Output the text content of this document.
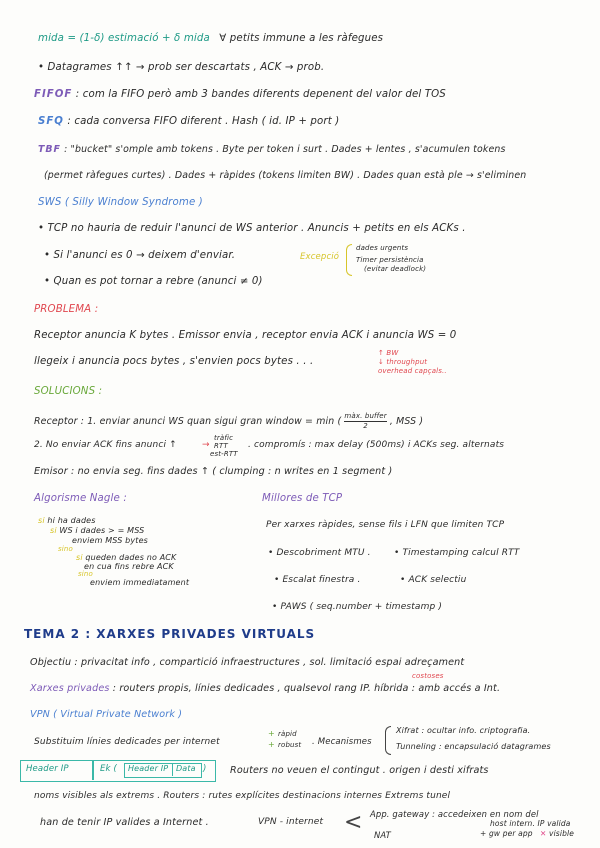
mida = (1-δ) estimació + δ mida ∀ petits immune a les ràfegues
• Datagrames ↑↑ → prob ser descartats , ACK → prob.
FIFOF : com la FIFO però amb 3 bandes diferents depenent del valor del TOS
SFQ : cada conversa FIFO diferent . Hash ( id. IP + port )
TBF : "bucket" s'omple amb tokens . Byte per token i surt . Dades + lentes , s'acumulen tokens
(permet ràfegues curtes) . Dades + ràpides (tokens limiten BW) . Dades quan està ple → s'eliminen
SWS ( Silly Window Syndrome )
• TCP no hauria de reduir l'anunci de WS anterior . Anuncis + petits en els ACKs .
• Si l'anunci es 0 → deixem d'enviar.	Excepció
dades urgents
Timer persistència
(evitar deadlock)
• Quan es pot tornar a rebre (anunci ≠ 0)
PROBLEMA :
Receptor anuncia K bytes . Emissor envia , receptor envia ACK i anuncia WS = 0
llegeix i anuncia pocs bytes , s'envien pocs bytes . . .
↑ BW
↓ throughput
overhead capçals..
SOLUCIONS :
Receptor : 1. enviar anunci WS quan sigui gran window = min ( màx. buffer
2	, MSS )
2. No enviar ACK fins anunci ↑	→
tràfic
RTT
est-RTT
. compromís : max delay (500ms) i ACKs seg. alternats
Emisor : no envia seg. fins dades ↑ ( clumping : n writes en 1 segment )
Algorisme Nagle :
si hi ha dades
si WS i dades > = MSS
enviem MSS bytes
sino
si queden dades no ACK
en cua fins rebre ACK
sino
enviem immediatament
Millores de TCP
Per xarxes ràpides, sense fils i LFN que limiten TCP
• Descobriment MTU .	• Timestamping calcul RTT
• Escalat finestra .	• ACK selectiu
• PAWS ( seq.number + timestamp )
TEMA 2 : XARXES PRIVADES VIRTUALS
Objectiu : privacitat info , compartició infraestructures , sol. limitació espai adreçament
costoses
Xarxes privades : routers propis, línies dedicades , qualsevol rang IP. híbrida : amb accés a Int.
VPN ( Virtual Private Network )
Substituim línies dedicades per internet
+
+
ràpid
robust . Mecanismes
Xifrat : ocultar info. criptografia.
Tunneling : encapsulació datagrames
Header IP	Ek ( Header IP Data ) Routers no veuen el contingut . origen i desti xifrats
noms visibles als extrems . Routers : rutes explícites destinacions internes Extrems tunel
han de tenir IP valides a Internet .	VPN - internet < App. gateway : accedeixen en nom del
host intern. IP valida
+ gw per app ✕ visible
NAT
